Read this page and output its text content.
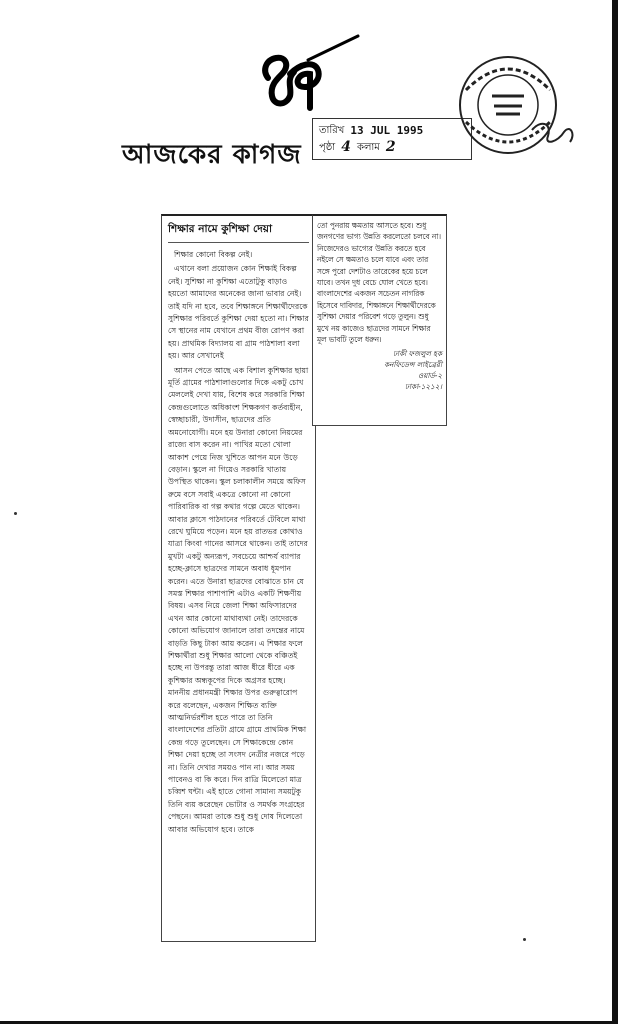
আজকের কাগজ
তারিখ 13 JUL 1995
পৃষ্ঠা 4 কলাম 2
শিক্ষার নামে কুশিক্ষা দেয়া

শিক্ষার কোনো বিকল্প নেই।

এখানে বলা প্রয়োজন কোন শিক্ষাই বিকল্প নেই। সুশিক্ষা না কুশিক্ষা এতোটুকু বাড়াও হয়তো আমাদের অনেকের জানা ভাবার নেই। তাই যদি না হবে, তবে শিক্ষাঙ্গনে শিক্ষার্থীদেরকে সুশিক্ষার পরিবর্তে কুশিক্ষা দেয়া হতো না। শিক্ষার সে স্থানের নাম যেখানে প্রথম বীজ রোপণ করা হয়। প্রাথমিক বিদ্যালয় বা গ্রাম পাঠশালা বলা হয়। আর সেখানেই

আসন পেতে আছে এক বিশাল কুশিক্ষার ছায়া মূর্তি গ্রামের পাঠশালাগুলোর দিকে একটু চোখ মেললেই দেখা যায়, বিশেষ করে সরকারি শিক্ষা কেন্দ্রগুলোতে অধিকাংশ শিক্ষকগণ কর্তব্যহীন, স্বেচ্ছাচারী, উদাসীন, ছাত্রদের প্রতি অমনোযোগী। মনে হয় উনারা কোনো নিয়মের রাজ্যে বাস করেন না। পাখির মতো খোলা আকাশ পেয়ে নিজ খুশিতে আপন মনে উড়ে বেড়ান। স্কুলে না গিয়েও সরকারি খাতায় উপস্থিত থাকেন। স্কুল চলাকালীন সময়ে অফিস রুমে বসে সবাই একত্রে কোনো না কোনো পারিবারিক বা গল্প কথার গল্পে মেতে থাকেন। আবার ক্লাসে পাঠদানের পরিবর্তে টেবিলে মাথা রেখে ঘুমিয়ে পড়েন। মনে হয় রাতভর কোথাও যাত্রা কিংবা গানের আসরে থাকেন। তাই তাদের মুখটা একটু অন্যরূপ, সবচেয়ে আশ্চর্য ব্যাপার হচ্ছে-ক্লাসে ছাত্রদের সামনে অবাধ ধূমপান করেন। এতে উনারা ছাত্রদের বোঝাতে চান যে সমস্ত শিক্ষার পাশাপাশি এটাও একটি শিক্ষণীয় বিষয়। এসব নিয়ে জেলা শিক্ষা অফিসারদের এখন আর কোনো মাথাব্যথা নেই। তাদেরকে কোনো অভিযোগ জানালে তারা তদন্তের নামে বাড়তি কিছু টাকা আয় করেন। এ শিক্ষার ফলে শিক্ষার্থীরা শুধু শিক্ষার আলো থেকে বঞ্চিতই হচ্ছে না উপরন্তু তারা আজ ধীরে ধীরে এক কুশিক্ষার অন্ধকূপের দিকে অগ্রসর হচ্ছে। মাননীয় প্রধানমন্ত্রী শিক্ষার উপর গুরুত্বারোপ করে বলেছেন, একজন শিক্ষিত ব্যক্তি আত্মনির্ভরশীল হতে পারে তা তিনি বাংলাদেশের প্রতিটা গ্রামে গ্রামে প্রাথমিক শিক্ষা কেন্দ্র গড়ে তুলেছেন। সে শিক্ষাকেন্দ্রে কোন শিক্ষা দেয়া হচ্ছে তা সংসদ নেত্রীর নজরে পড়ে না। তিনি দেখার সময়ও পান না। আর সময় পাবেনও বা কি করে। দিন রাত্রি মিলেতো মাত্র চব্বিশ ঘন্টা। এই হাতে গোনা সামান্য সময়টুকু তিনি ব্যয় করেছেন ভোটার ও সমর্থক সংগ্রহের পেছনে। আমরা তাকে শুধু শুধু দোষ দিলেতো আবার অভিযোগ হবে। তাকে

তো পুনরায় ক্ষমতায় আসতে হবে। শুধু জনগণের ভাগ্য উন্নতি করলেতো চলবে না। নিজেদেরও ভাগ্যের উন্নতি করতে হবে নইলে সে ক্ষমতাও চলে যাবে এবং তার সঙ্গে পুরো দেশটাও তারেকের হয়ে চলে যাবে। তখন দুধ বেচে ঘোল খেতে হবে। বাংলাদেশের একজন সচেতন নাগরিক হিসেবে দাবিদার, শিক্ষাঙ্গনে শিক্ষার্থীদেরকে সুশিক্ষা দেয়ার পরিবেশ গড়ে তুলুন। শুধু মুখে নয় কাজেও ছাত্রদের সামনে শিক্ষার মূল ভাবটি তুলে ধরুন।
ঢাকী ফজলুল হক
কনফিডেন্স লাইব্রেরী
ওয়ার্ড-২
ঢাকা-১২১২।
